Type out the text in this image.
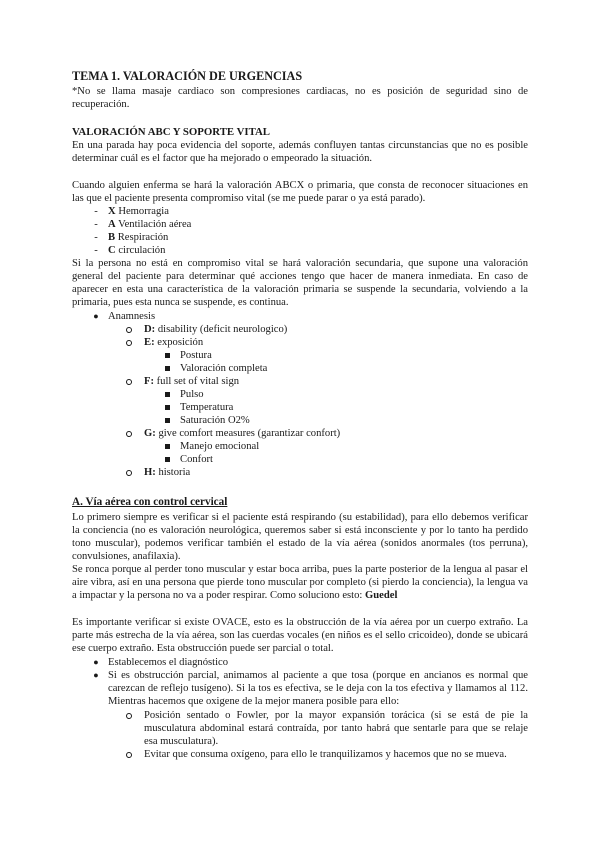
TEMA 1. VALORACIÓN DE URGENCIAS

*No se llama masaje cardiaco son compresiones cardiacas, no es posición de seguridad sino de recuperación.

VALORACIÓN ABC Y SOPORTE VITAL

En una parada hay poca evidencia del soporte, además confluyen tantas circunstancias que no es posible determinar cuál es el factor que ha mejorado o empeorado la situación.

Cuando alguien enferma se hará la valoración ABCX o primaria, que consta de reconocer situaciones en las que el paciente presenta compromiso vital (se me puede parar o ya está parado).

- X Hemorragia
- A Ventilación aérea
- B Respiración
- C circulación

Si la persona no está en compromiso vital se hará valoración secundaria, que supone una valoración general del paciente para determinar qué acciones tengo que hacer de manera inmediata. En caso de aparecer en esta una característica de la valoración primaria se suspende la secundaria, volviendo a la primaria, pues esta nunca se suspende, es continua.

● Anamnesis
D: disability (deficit neurologico)
E: exposición
Postura
Valoración completa
F: full set of vital sign
Pulso
Temperatura
Saturación O2%
G: give comfort measures (garantizar confort)
Manejo emocional
Confort
H: historia
A. Vía aérea con control cervical

Lo primero siempre es verificar si el paciente está respirando (su estabilidad), para ello debemos verificar la conciencia (no es valoración neurológica, queremos saber si está inconsciente y por lo tanto ha perdido tono muscular), podemos verificar también el estado de la vía aérea (sonidos anormales (tos perruna), convulsiones, anafilaxia).

Se ronca porque al perder tono muscular y estar boca arriba, pues la parte posterior de la lengua al pasar el aire vibra, así en una persona que pierde tono muscular por completo (si pierdo la conciencia), la lengua va a impactar y la persona no va a poder respirar. Como soluciono esto: Guedel

Es importante verificar si existe OVACE, esto es la obstrucción de la vía aérea por un cuerpo extraño. La parte más estrecha de la vía aérea, son las cuerdas vocales (en niños es el sello cricoideo), donde se ubicará ese cuerpo extraño. Esta obstrucción puede ser parcial o total.

● Establecemos el diagnóstico
● Si es obstrucción parcial, animamos al paciente a que tosa (porque en ancianos es normal que carezcan de reflejo tusígeno). Si la tos es efectiva, se le deja con la tos efectiva y llamamos al 112. Mientras hacemos que oxigene de la mejor manera posible para ello:

Posición sentado o Fowler, por la mayor expansión torácica (si se está de pie la musculatura abdominal estará contraída, por tanto habrá que sentarle para que se relaje esa musculatura).

Evitar que consuma oxígeno, para ello le tranquilizamos y hacemos que no se mueva.
